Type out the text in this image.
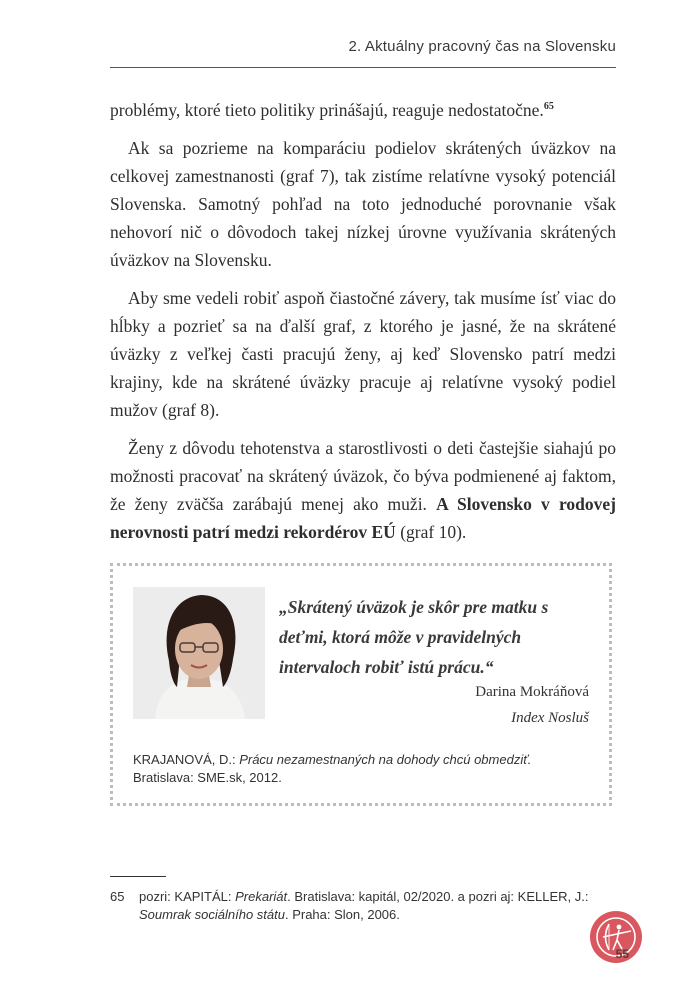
2. Aktuálny pracovný čas na Slovensku

problémy, ktoré tieto politiky prinášajú, reaguje nedostatočne.$^{65}$

Ak sa pozrieme na komparáciu podielov skrátených úväzkov na celkovej zamestnanosti (graf 7), tak zistíme relatívne vysoký potenciál Slovenska. Samotný pohľad na toto jednoduché porovnanie však nehovorí nič o dôvodoch takej nízkej úrovne využívania skrátených úväzkov na Slovensku.

Aby sme vedeli robiť aspoň čiastočné závery, tak musíme ísť viac do hĺbky a pozrieť sa na ďalší graf, z ktorého je jasné, že na skrátené úväzky z veľkej časti pracujú ženy, aj keď Slovensko patrí medzi krajiny, kde na skrátené úväzky pracuje aj relatívne vysoký podiel mužov (graf 8).

Ženy z dôvodu tehotenstva a starostlivosti o deti častejšie siahajú po možnosti pracovať na skrátený úväzok, čo býva podmienené aj faktom, že ženy zväčša zarábajú menej ako muži. A Slovensko v rodovej nerovnosti patrí medzi rekordérov EÚ (graf 10).

„Skrátený úväzok je skôr pre matku s deťmi, ktorá môže v pravidelných intervaloch robiť istú prácu.“
Darina Mokráňová
Index Nosluš
KRAJANOVÁ, D.: Prácu nezamestnaných na dohody chcú obmedziť.
Bratislava: SME.sk, 2012.
65 pozri: KAPITÁL: Prekariát. Bratislava: kapitál, 02/2020. a pozri aj: KELLER, J.: Soumrak sociálního státu. Praha: Slon, 2006.
55
